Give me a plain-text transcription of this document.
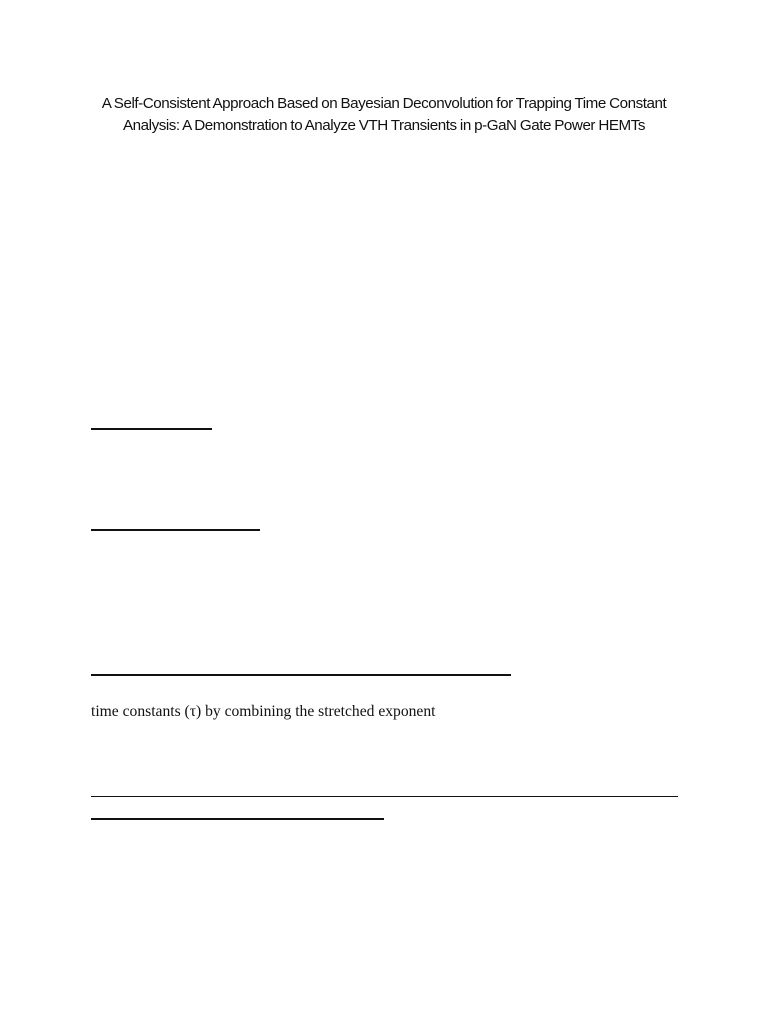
A Self-Consistent Approach Based on Bayesian Deconvolution for Trapping Time Constant
Analysis: A Demonstration to Analyze VTH Transients in p-GaN Gate Power HEMTs
time constants (τ) by combining the stretched exponent
